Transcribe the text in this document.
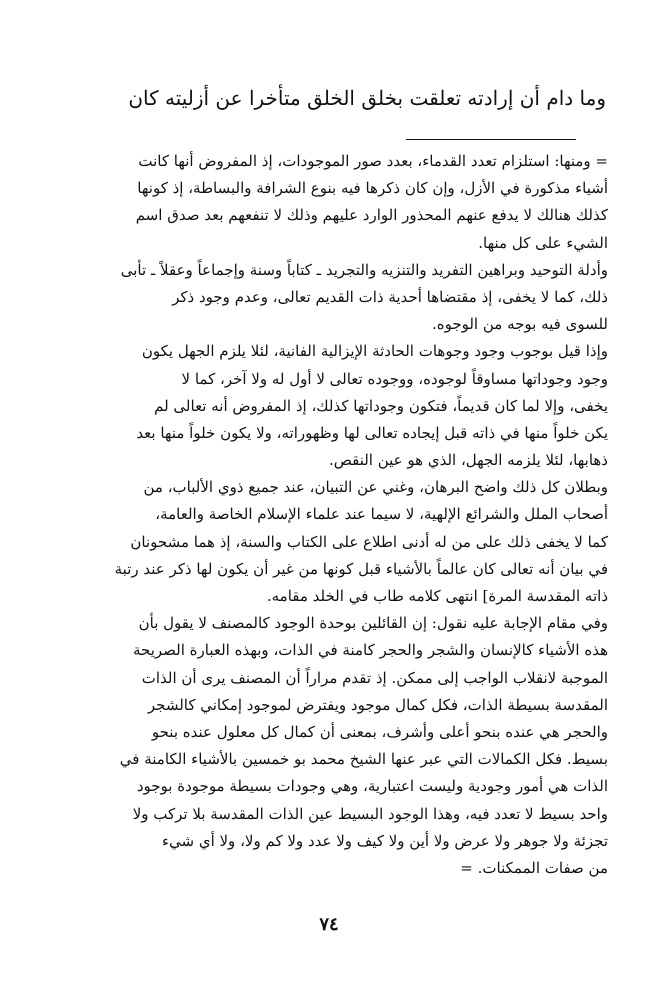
وما دام أن إرادته تعلقت بخلق الخلق متأخرا عن أزليته كان
= ومنها: استلزام تعدد القدماء، بعدد صور الموجودات، إذ المفروض أنها كانت
أشياء مذكورة في الأزل، وإن كان ذكرها فيه بنوع الشرافة والبساطة، إذ كونها
كذلك هنالك لا يدفع عنهم المحذور الوارد عليهم وذلك لا تنفعهم بعد صدق اسم
الشيء على كل منها.
وأدلة التوحيد وبراهين التفريد والتنزيه والتجريد ـ كتاباً وسنة وإجماعاً وعقلاً ـ تأبى
ذلك، كما لا يخفى، إذ مقتضاها أحدية ذات القديم تعالى، وعدم وجود ذكر
للسوى فيه بوجه من الوجوه.
وإذا قيل بوجوب وجود وجوهات الحادثة الإيزالية الفانية، لئلا يلزم الجهل يكون
وجود وجوداتها مساوقاً لوجوده، ووجوده تعالى لا أول له ولا آخر، كما لا
يخفى، وإلا لما كان قديماً، فتكون وجوداتها كذلك، إذ المفروض أنه تعالى لم
يكن خلواً منها في ذاته قبل إيجاده تعالى لها وظهوراته، ولا يكون خلواً منها بعد
ذهابها، لئلا يلزمه الجهل، الذي هو عين النقص.
وبطلان كل ذلك واضح البرهان، وغني عن التبيان، عند جميع ذوي الألباب، من
أصحاب الملل والشرائع الإلهية، لا سيما عند علماء الإسلام الخاصة والعامة،
كما لا يخفى ذلك على من له أدنى اطلاع على الكتاب والسنة، إذ هما مشحونان
في بيان أنه تعالى كان عالماً بالأشياء قبل كونها من غير أن يكون لها ذكر عند رتبة
ذاته المقدسة المرة] انتهى كلامه طاب في الخلد مقامه.
وفي مقام الإجابة عليه نقول: إن القائلين بوحدة الوجود كالمصنف لا يقول بأن
هذه الأشياء كالإنسان والشجر والحجر كامنة في الذات، وبهذه العبارة الصريحة
الموجبة لانقلاب الواجب إلى ممكن. إذ تقدم مراراً أن المصنف يرى أن الذات
المقدسة بسيطة الذات، فكل كمال موجود ويفترض لموجود إمكاني كالشجر
والحجر هي عنده بنحو أعلى وأشرف، بمعنى أن كمال كل معلول عنده بنحو
بسيط. فكل الكمالات التي عبر عنها الشيخ محمد بو خمسين بالأشياء الكامنة في
الذات هي أمور وجودية وليست اعتبارية، وهي وجودات بسيطة موجودة بوجود
واحد بسيط لا تعدد فيه، وهذا الوجود البسيط عين الذات المقدسة بلا تركب ولا
تجزئة ولا جوهر ولا عرض ولا أين ولا كيف ولا عدد ولا كم ولا، ولا أي شيء
من صفات الممكنات. =
٧٤
